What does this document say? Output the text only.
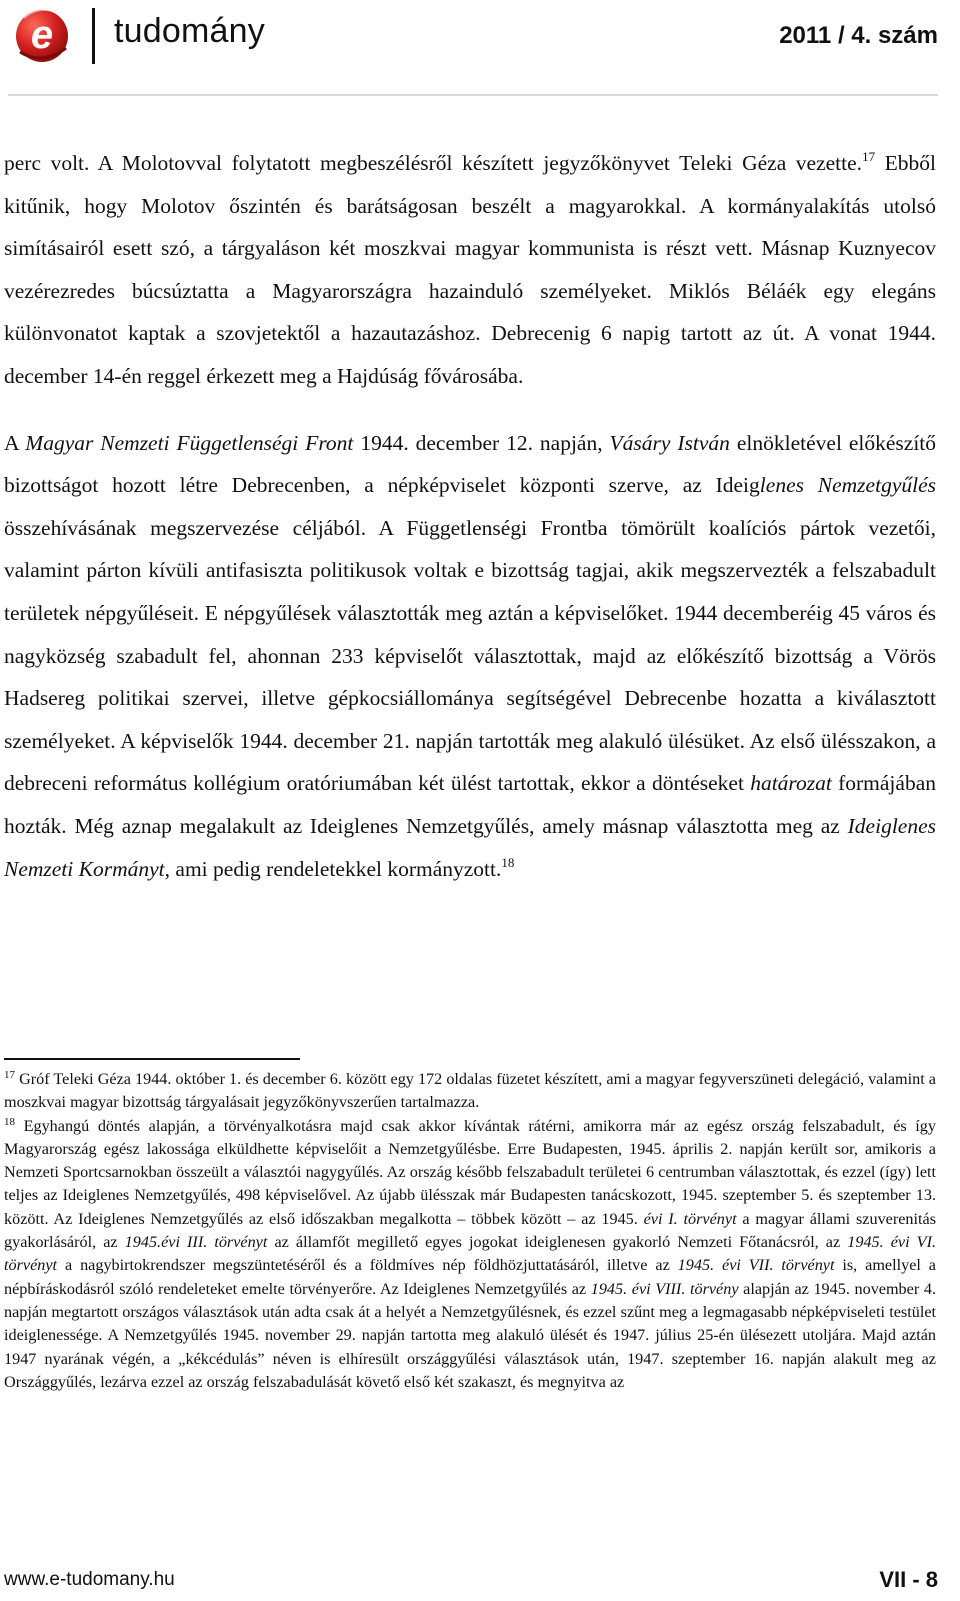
e tudomány	2011 / 4. szám

perc volt. A Molotovval folytatott megbeszélésről készített jegyzőkönyvet Teleki Géza vezette.$^{17}$ Ebből kitűnik, hogy Molotov őszintén és barátságosan beszélt a magyarokkal. A kormányalakítás utolsó simításairól esett szó, a tárgyaláson két moszkvai magyar kommunista is részt vett. Másnap Kuznyecov vezérezredes búcsúztatta a Magyarországra hazainduló személyeket. Miklós Béláék egy elegáns különvonatot kaptak a szovjetektől a hazautazáshoz. Debrecenig 6 napig tartott az út. A vonat 1944. december 14-én reggel érkezett meg a Hajdúság fővárosába.

A Magyar Nemzeti Függetlenségi Front 1944. december 12. napján, Vásáry István elnökletével előkészítő bizottságot hozott létre Debrecenben, a népképviselet központi szerve, az Ideiglenes Nemzetgyűlés összehívásának megszervezése céljából. A Függetlenségi Frontba tömörült koalíciós pártok vezetői, valamint párton kívüli antifasiszta politikusok voltak e bizottság tagjai, akik megszervezték a felszabadult területek népgyűléseit. E népgyűlések választották meg aztán a képviselőket. 1944 decemberéig 45 város és nagyközség szabadult fel, ahonnan 233 képviselőt választottak, majd az előkészítő bizottság a Vörös Hadsereg politikai szervei, illetve gépkocsiállománya segítségével Debrecenbe hozatta a kiválasztott személyeket. A képviselők 1944. december 21. napján tartották meg alakuló ülésüket. Az első ülésszakon, a debreceni református kollégium oratóriumában két ülést tartottak, ekkor a döntéseket határozat formájában hozták. Még aznap megalakult az Ideiglenes Nemzetgyűlés, amely másnap választotta meg az Ideiglenes Nemzeti Kormányt, ami pedig rendeletekkel kormányzott.$^{18}$

$^{17}$ Gróf Teleki Géza 1944. október 1. és december 6. között egy 172 oldalas füzetet készített, ami a magyar fegyverszüneti delegáció, valamint a moszkvai magyar bizottság tárgyalásait jegyzőkönyvszerűen tartalmazza.

$^{18}$ Egyhangú döntés alapján, a törvényalkotásra majd csak akkor kívántak rátérni, amikorra már az egész ország felszabadult, és így Magyarország egész lakossága elküldhette képviselőit a Nemzetgyűlésbe. Erre Budapesten, 1945. április 2. napján került sor, amikoris a Nemzeti Sportcsarnokban összeült a választói nagygyűlés. Az ország később felszabadult területei 6 centrumban választottak, és ezzel (így) lett teljes az Ideiglenes Nemzetgyűlés, 498 képviselővel. Az újabb ülésszak már Budapesten tanácskozott, 1945. szeptember 5. és szeptember 13. között. Az Ideiglenes Nemzetgyűlés az első időszakban megalkotta – többek között – az 1945. évi I. törvényt a magyar állami szuverenitás gyakorlásáról, az 1945.évi III. törvényt az államfőt megillető egyes jogokat ideiglenesen gyakorló Nemzeti Főtanácsról, az 1945. évi VI. törvényt a nagybirtokrendszer megszüntetéséről és a földmíves nép földhözjuttatásáról, illetve az 1945. évi VII. törvényt is, amellyel a népbíráskodásról szóló rendeleteket emelte törvényerőre. Az Ideiglenes Nemzetgyűlés az 1945. évi VIII. törvény alapján az 1945. november 4. napján megtartott országos választások után adta csak át a helyét a Nemzetgyűlésnek, és ezzel szűnt meg a legmagasabb népképviseleti testület ideiglenessége. A Nemzetgyűlés 1945. november 29. napján tartotta meg alakuló ülését és 1947. július 25-én ülésezett utoljára. Majd aztán 1947 nyarának végén, a „kékcédulás” néven is elhíresült országgyűlési választások után, 1947. szeptember 16. napján alakult meg az Országgyűlés, lezárva ezzel az ország felszabadulását követő első két szakaszt, és megnyitva az

www.e-tudomany.hu	VII - 8
